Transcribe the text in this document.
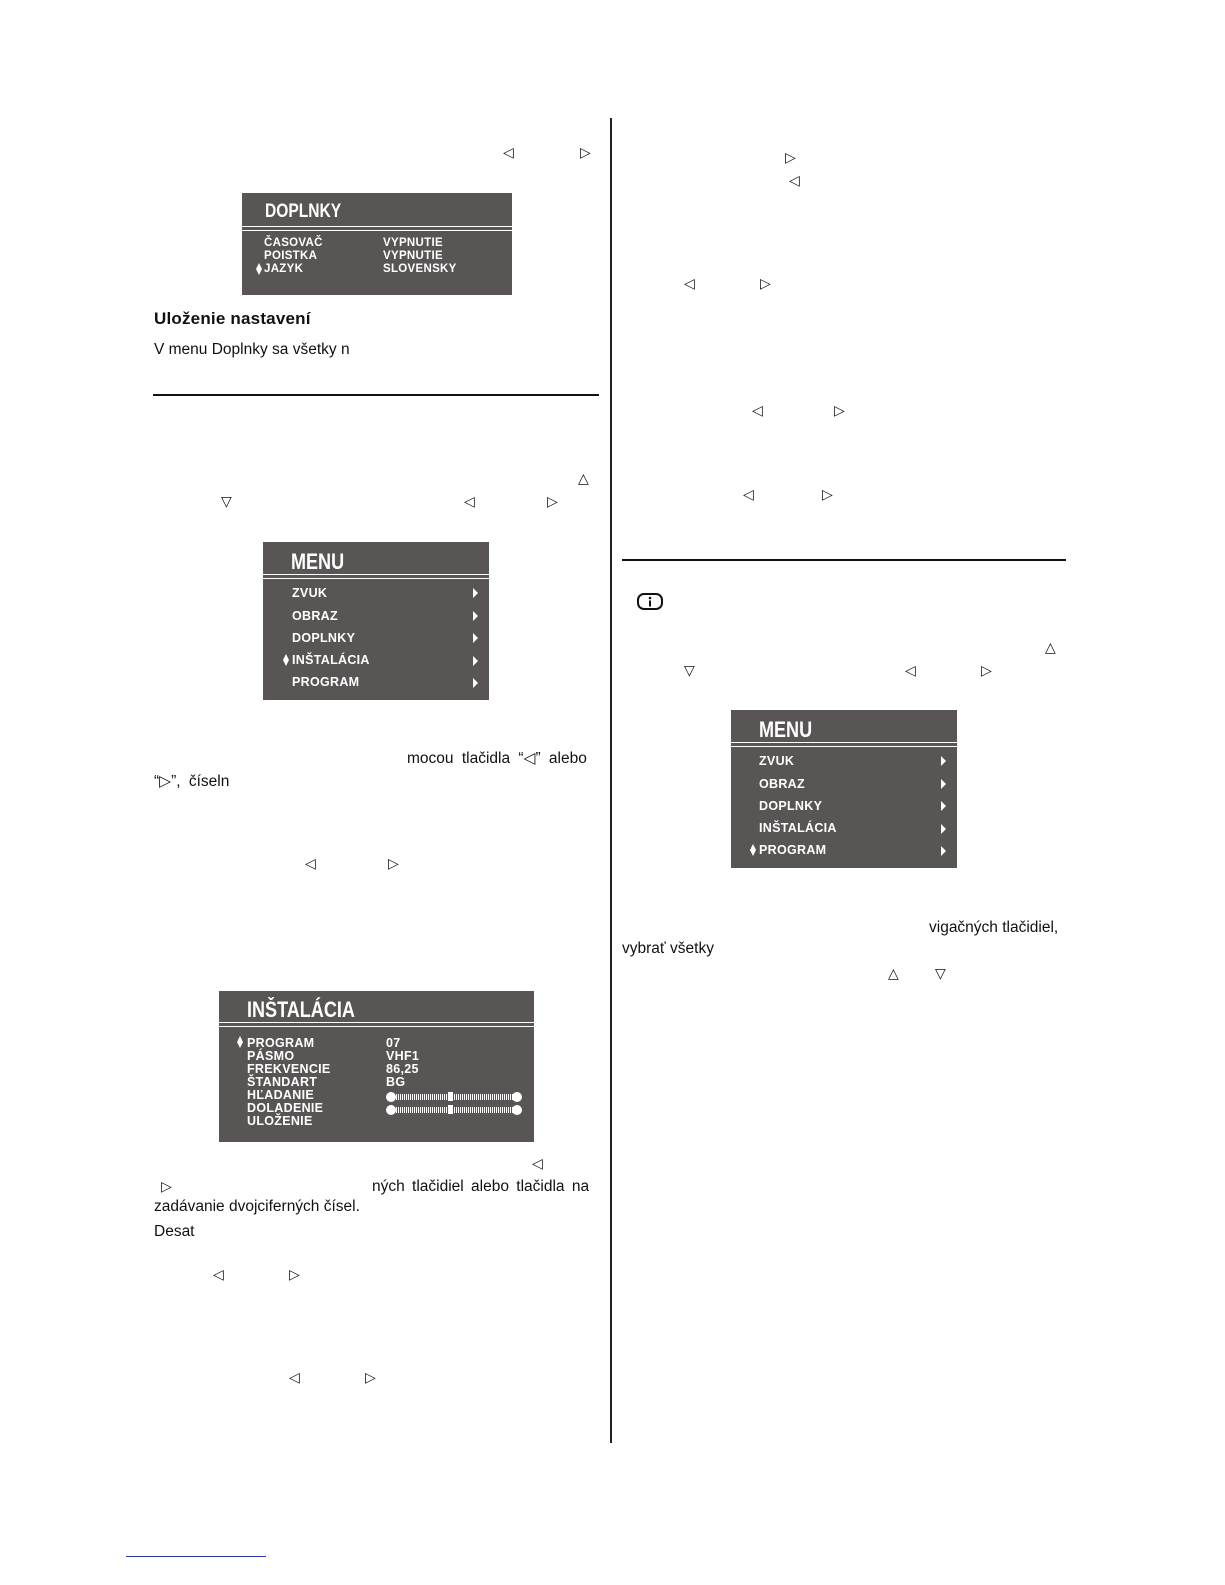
◁	▷
DOPLNKY
ČASOVAČ	VYPNUTIE
POISTKA	VYPNUTIE
JAZYK	SLOVENSKY
Uloženie nastavení
V menu Doplnky sa všetky n
△
▽	◁	▷
MENU
ZVUK
OBRAZ
DOPLNKY
INŠTALÁCIA
PROGRAM
mocou tlačidla “◁” alebo
“▷”, číseln
◁	▷
INŠTALÁCIA
PROGRAM	07
PÁSMO	VHF1
FREKVENCIE	86,25
ŠTANDART	BG
HĽADANIE
DOLADENIE
ULOŽENIE
◁
▷	ných tlačidiel alebo tlačidla na
zadávanie dvojciferných čísel.
Desat
◁	▷
◁	▷
▷
◁
◁	▷
◁	▷
◁	▷
△
▽	◁	▷
MENU
ZVUK
OBRAZ
DOPLNKY
INŠTALÁCIA
PROGRAM
vigačných tlačidiel,
vybrať všetky
△	▽
